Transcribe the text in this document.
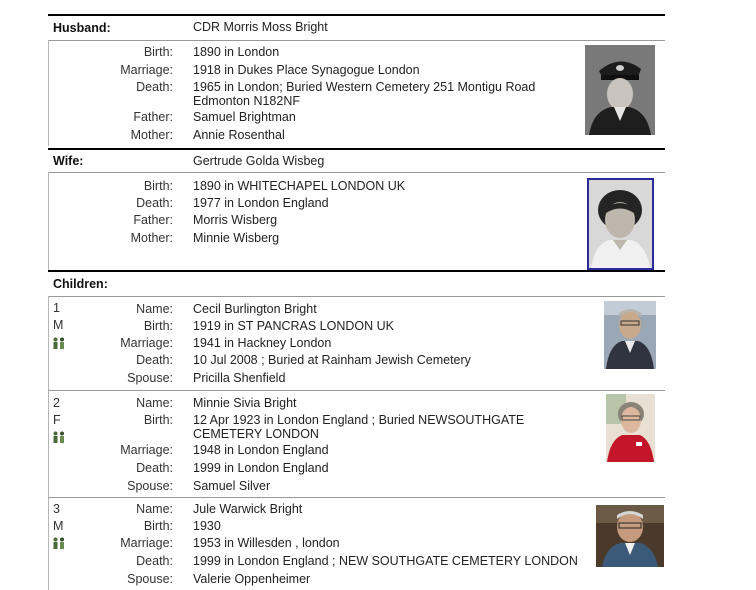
Husband:	CDR Morris Moss Bright
Birth: 1890 in London
Marriage: 1918 in Dukes Place Synagogue London
Death: 1965 in London; Buried Western Cemetery 251 Montigu Road
Edmonton N182NF
Father: Samuel Brightman
Mother: Annie Rosenthal
Wife:	Gertrude Golda Wisbeg
Birth: 1890 in WHITECHAPEL LONDON UK
Death: 1977 in London England
Father: Morris Wisberg
Mother: Minnie Wisberg
Children:
1
M
Name: Cecil Burlington Bright
Birth: 1919 in ST PANCRAS LONDON UK
Marriage: 1941 in Hackney London
Death: 10 Jul 2008 ; Buried at Rainham Jewish Cemetery
Spouse: Pricilla Shenfield
2
F
Name: Minnie Sivia Bright
Birth: 12 Apr 1923 in London England ; Buried NEWSOUTHGATE
CEMETERY LONDON
Marriage: 1948 in London England
Death: 1999 in London England
Spouse: Samuel Silver
3
M
Name: Jule Warwick Bright
Birth: 1930
Marriage: 1953 in Willesden , london
Death: 1999 in London England ; NEW SOUTHGATE CEMETERY LONDON
Spouse: Valerie Oppenheimer
